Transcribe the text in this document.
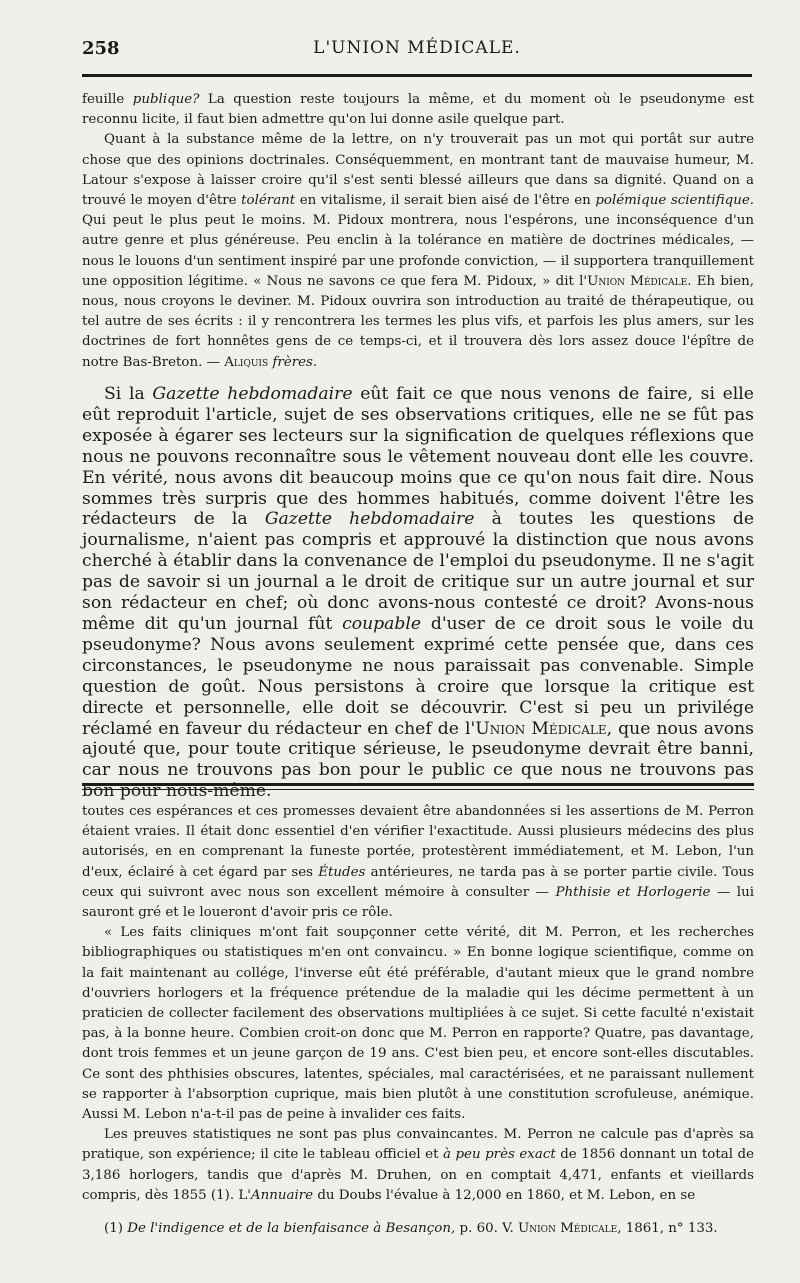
258	L'UNION MÉDICALE.

feuille publique? La question reste toujours la même, et du moment où le pseudonyme est reconnu licite, il faut bien admettre qu'on lui donne asile quelque part.

Quant à la substance même de la lettre, on n'y trouverait pas un mot qui portât sur autre chose que des opinions doctrinales. Conséquemment, en montrant tant de mauvaise humeur, M. Latour s'expose à laisser croire qu'il s'est senti blessé ailleurs que dans sa dignité. Quand on a trouvé le moyen d'être tolérant en vitalisme, il serait bien aisé de l'être en polémique scientifique. Qui peut le plus peut le moins. M. Pidoux montrera, nous l'espérons, une inconséquence d'un autre genre et plus généreuse. Peu enclin à la tolérance en matière de doctrines médicales, — nous le louons d'un sentiment inspiré par une profonde conviction, — il supportera tranquillement une opposition légitime. « Nous ne savons ce que fera M. Pidoux, » dit l'Union Médicale. Eh bien, nous, nous croyons le deviner. M. Pidoux ouvrira son introduction au traité de thérapeutique, ou tel autre de ses écrits : il y rencontrera les termes les plus vifs, et parfois les plus amers, sur les doctrines de fort honnêtes gens de ce temps-ci, et il trouvera dès lors assez douce l'épître de notre Bas-Breton. — Aliquis frères.

Si la Gazette hebdomadaire eût fait ce que nous venons de faire, si elle eût reproduit l'article, sujet de ses observations critiques, elle ne se fût pas exposée à égarer ses lecteurs sur la signification de quelques réflexions que nous ne pouvons reconnaître sous le vêtement nouveau dont elle les couvre. En vérité, nous avons dit beaucoup moins que ce qu'on nous fait dire. Nous sommes très surpris que des hommes habitués, comme doivent l'être les rédacteurs de la Gazette hebdomadaire à toutes les questions de journalisme, n'aient pas compris et approuvé la distinction que nous avons cherché à établir dans la convenance de l'emploi du pseudonyme. Il ne s'agit pas de savoir si un journal a le droit de critique sur un autre journal et sur son rédacteur en chef; où donc avons-nous contesté ce droit? Avons-nous même dit qu'un journal fût coupable d'user de ce droit sous le voile du pseudonyme? Nous avons seulement exprimé cette pensée que, dans ces circonstances, le pseudonyme ne nous paraissait pas convenable. Simple question de goût. Nous persistons à croire que lorsque la critique est directe et personnelle, elle doit se découvrir. C'est si peu un privilége réclamé en faveur du rédacteur en chef de l'Union Médicale, que nous avons ajouté que, pour toute critique sérieuse, le pseudonyme devrait être banni, car nous ne trouvons pas bon pour le public ce que nous ne trouvons pas bon pour nous-même.

toutes ces espérances et ces promesses devaient être abandonnées si les assertions de M. Perron étaient vraies. Il était donc essentiel d'en vérifier l'exactitude. Aussi plusieurs médecins des plus autorisés, en en comprenant la funeste portée, protestèrent immédiatement, et M. Lebon, l'un d'eux, éclairé à cet égard par ses Études antérieures, ne tarda pas à se porter partie civile. Tous ceux qui suivront avec nous son excellent mémoire à consulter — Phthisie et Horlogerie — lui sauront gré et le loueront d'avoir pris ce rôle.

« Les faits cliniques m'ont fait soupçonner cette vérité, dit M. Perron, et les recherches bibliographiques ou statistiques m'en ont convaincu. » En bonne logique scientifique, comme on la fait maintenant au collége, l'inverse eût été préférable, d'autant mieux que le grand nombre d'ouvriers horlogers et la fréquence prétendue de la maladie qui les décime permettent à un praticien de collecter facilement des observations multipliées à ce sujet. Si cette faculté n'existait pas, à la bonne heure. Combien croit-on donc que M. Perron en rapporte? Quatre, pas davantage, dont trois femmes et un jeune garçon de 19 ans. C'est bien peu, et encore sont-elles discutables. Ce sont des phthisies obscures, latentes, spéciales, mal caractérisées, et ne paraissant nullement se rapporter à l'absorption cuprique, mais bien plutôt à une constitution scrofuleuse, anémique. Aussi M. Lebon n'a-t-il pas de peine à invalider ces faits.

Les preuves statistiques ne sont pas plus convaincantes. M. Perron ne calcule pas d'après sa pratique, son expérience; il cite le tableau officiel et à peu près exact de 1856 donnant un total de 3,186 horlogers, tandis que d'après M. Druhen, on en comptait 4,471, enfants et vieillards compris, dès 1855 (1). L'Annuaire du Doubs l'évalue à 12,000 en 1860, et M. Lebon, en se

(1) De l'indigence et de la bienfaisance à Besançon, p. 60. V. Union Médicale, 1861, n° 133.
